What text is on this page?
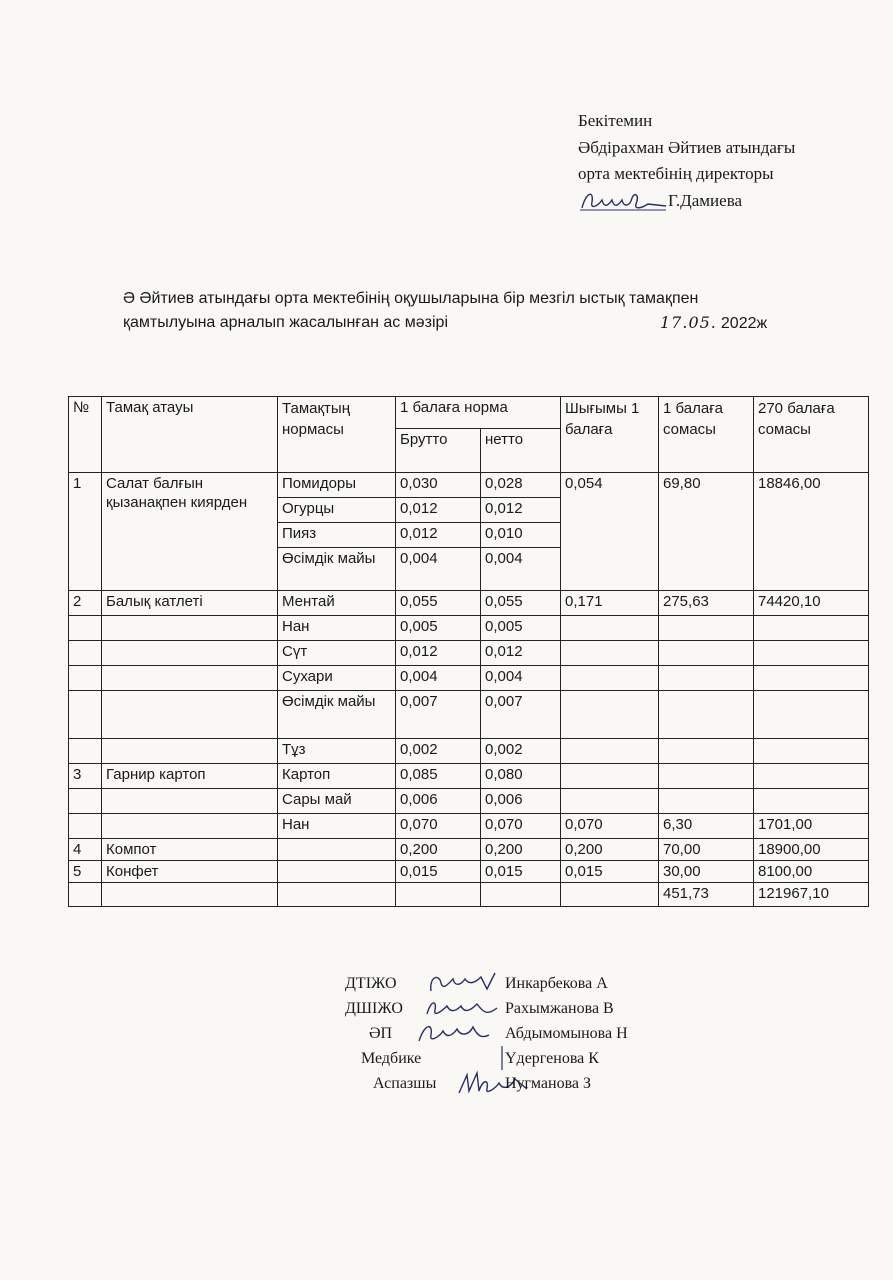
Бекітемин
Әбдірахман Әйтиев атындағы
орта мектебінің директоры
Г.Дамиева
Ә Әйтиев атындағы орта мектебінің оқушыларына бір мезгіл ыстық тамақпен
қамтылуына арналып жасалынған ас мәзірі	17.05. 2022ж
№	Тамақ атауы	Тамақтың нормасы	1 балаға норма		Шығымы 1 балаға	1 балаға сомасы	270 балаға сомасы
			Брутто	нетто			
1	Салат балғын қызанақпен киярден	Помидоры	0,030	0,028	0,054	69,80	18846,00
		Огурцы	0,012	0,012			
		Пияз	0,012	0,010			
		Өсімдік майы	0,004	0,004			
2	Балық катлеті	Ментай	0,055	0,055	0,171	275,63	74420,10
		Нан	0,005	0,005			
		Сүт	0,012	0,012			
		Сухари	0,004	0,004			
		Өсімдік майы	0,007	0,007			
		Тұз	0,002	0,002			
3	Гарнир картоп	Картоп	0,085	0,080			
		Сары май	0,006	0,006			
		Нан	0,070	0,070	0,070	6,30	1701,00
4	Компот		0,200	0,200	0,200	70,00	18900,00
5	Конфет		0,015	0,015	0,015	30,00	8100,00
						451,73	121967,10
ДТІЖО	Инкарбекова А
ДШІЖО	Рахымжанова В
ӘП	Абдымомынова Н
Медбике	Үдергенова К
Аспазшы	Нугманова З
